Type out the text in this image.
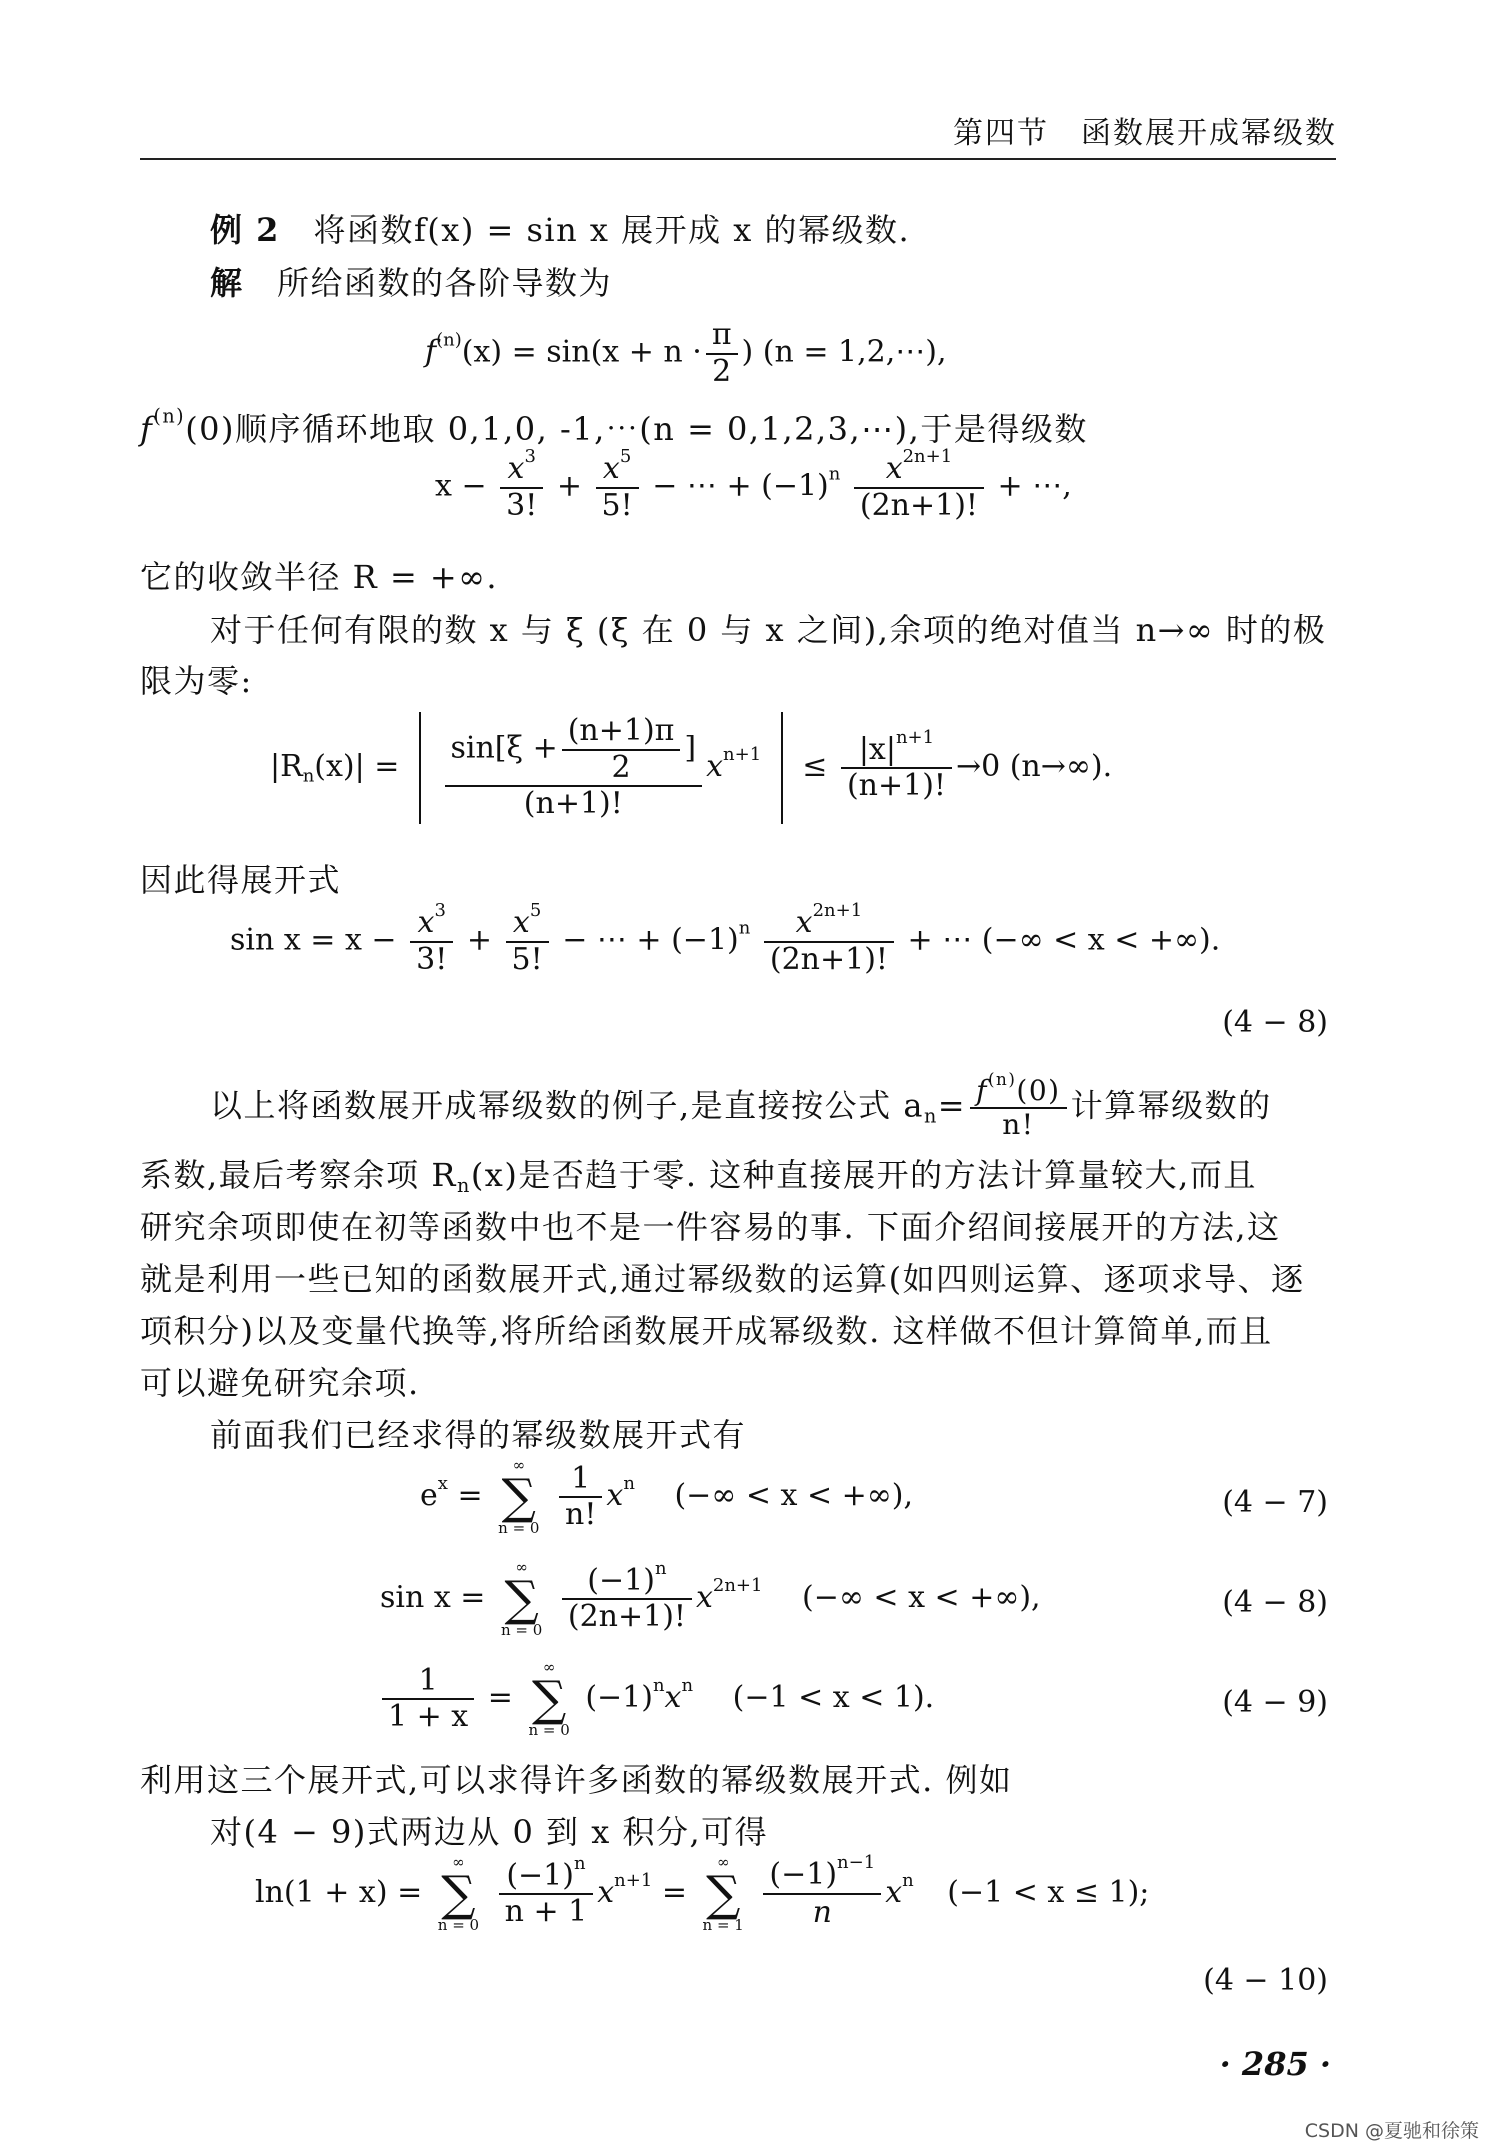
第四节　函数展开成幂级数
例 2　 将函数f(x) = sin x 展开成 x 的幂级数.
解　 所给函数的各阶导数为
$f^{(n)}(x) = \sin(x + n \cdot \frac{\pi}{2}$ ) (n = 1,2,⋯),
$f^{(n)}(0)$顺序循环地取 0,1,0, -1,⋯(n = 0,1,2,3,⋯),于是得级数
$x - \frac{x^3}{3!} + \frac{x^5}{5!}$ − ⋯ + $(-1)^n \frac{x^{2n+1}}{(2n+1)!}$ + ⋯,
它的收敛半径 R = +∞.
对于任何有限的数 x 与 ξ (ξ 在 0 与 x 之间),余项的绝对值当 n→∞ 时的极
限为零:
$|R_n(x)| = \frac{\sin[\xi + \frac{(n+1)\pi}{2} ]}{(n+1)!} x^{n+1} \le \frac{|x|^{n+1}}{(n+1)!} \to 0$ (n→∞).
因此得展开式
$\sin x = x - \frac{x^3}{3!} + \frac{x^5}{5!}$ − ⋯ + $(-1)^n \frac{x^{2n+1}}{(2n+1)!}$ + ⋯ (−∞ < x < +∞).
(4 − 8)
以上将函数展开成幂级数的例子,是直接按公式 $a_n= \frac{f^{(n)}(0)}{n!}$ 计算幂级数的
系数,最后考察余项 $R_n(x)$是否趋于零. 这种直接展开的方法计算量较大,而且
研究余项即使在初等函数中也不是一件容易的事. 下面介绍间接展开的方法,这
就是利用一些已知的函数展开式,通过幂级数的运算(如四则运算、逐项求导、逐
项积分)以及变量代换等,将所给函数展开成幂级数. 这样做不但计算简单,而且
可以避免研究余项.
前面我们已经求得的幂级数展开式有
$e^x$ =
∞
∑
n = 0
$\frac{1}{n!} x^n$ (−∞ < x < +∞),	(4 − 7)
sin x =
∞
∑
n = 0
$\frac{(-1)^n}{(2n+1)!} x^{2n+1}$ (−∞ < x < +∞),	(4 − 8)
$\frac{1}{1 + x}$ =
∞
∑
n = 0
$(-1)^nx^n$ (−1 < x < 1).	(4 − 9)
利用这三个展开式,可以求得许多函数的幂级数展开式. 例如
对(4 − 9)式两边从 0 到 x 积分,可得
ln(1 + x) =
∞
∑
n = 0
$\frac{(-1)^n}{n + 1} x^{n+1}$ =
∞
∑
n = 1
$\frac{(-1)^{n-1}}{n} x^n$ (−1 < x ≤ 1);
(4 − 10)
· 285 ·
CSDN @夏驰和徐策
